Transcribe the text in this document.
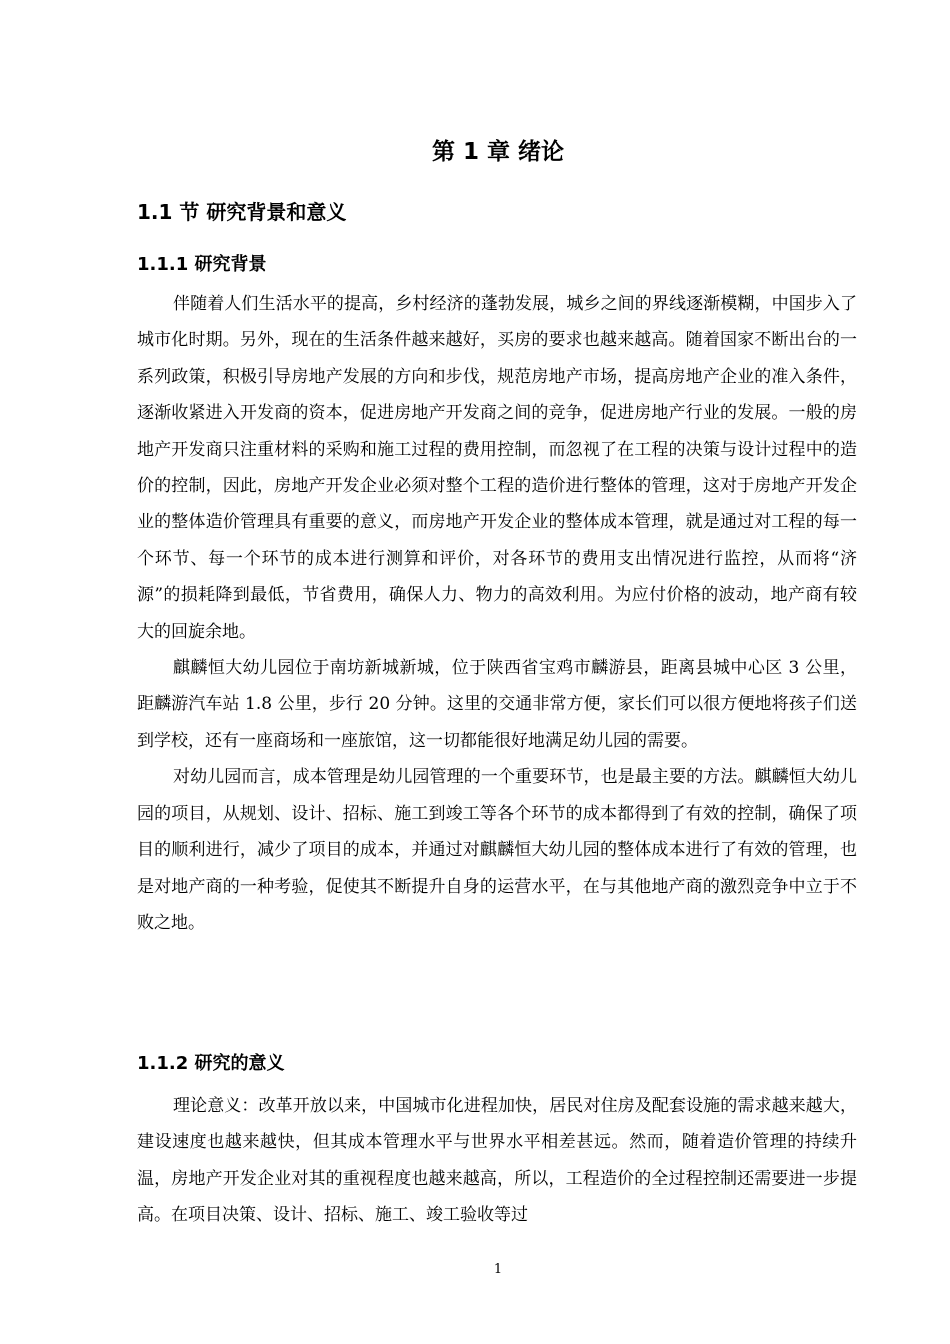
第 1 章 绪论
1.1 节 研究背景和意义
1.1.1 研究背景

伴随着人们生活水平的提高，乡村经济的蓬勃发展，城乡之间的界线逐渐模糊，中国步入了城市化时期。另外，现在的生活条件越来越好，买房的要求也越来越高。随着国家不断出台的一系列政策，积极引导房地产发展的方向和步伐，规范房地产市场，提高房地产企业的准入条件，逐渐收紧进入开发商的资本，促进房地产开发商之间的竞争，促进房地产行业的发展。一般的房地产开发商只注重材料的采购和施工过程的费用控制，而忽视了在工程的决策与设计过程中的造价的控制，因此，房地产开发企业必须对整个工程的造价进行整体的管理，这对于房地产开发企业的整体造价管理具有重要的意义，而房地产开发企业的整体成本管理，就是通过对工程的每一个环节、每一个环节的成本进行测算和评价，对各环节的费用支出情况进行监控，从而将“济源”的损耗降到最低，节省费用，确保人力、物力的高效利用。为应付价格的波动，地产商有较大的回旋余地。

麒麟恒大幼儿园位于南坊新城新城，位于陕西省宝鸡市麟游县，距离县城中心区 3 公里，距麟游汽车站 1.8 公里，步行 20 分钟。这里的交通非常方便，家长们可以很方便地将孩子们送到学校，还有一座商场和一座旅馆，这一切都能很好地满足幼儿园的需要。

对幼儿园而言，成本管理是幼儿园管理的一个重要环节，也是最主要的方法。麒麟恒大幼儿园的项目，从规划、设计、招标、施工到竣工等各个环节的成本都得到了有效的控制，确保了项目的顺利进行，减少了项目的成本，并通过对麒麟恒大幼儿园的整体成本进行了有效的管理，也是对地产商的一种考验，促使其不断提升自身的运营水平，在与其他地产商的激烈竞争中立于不败之地。

1.1.2 研究的意义

理论意义：改革开放以来，中国城市化进程加快，居民对住房及配套设施的需求越来越大，建设速度也越来越快，但其成本管理水平与世界水平相差甚远。然而，随着造价管理的持续升温，房地产开发企业对其的重视程度也越来越高，所以，工程造价的全过程控制还需要进一步提高。在项目决策、设计、招标、施工、竣工验收等过

1
